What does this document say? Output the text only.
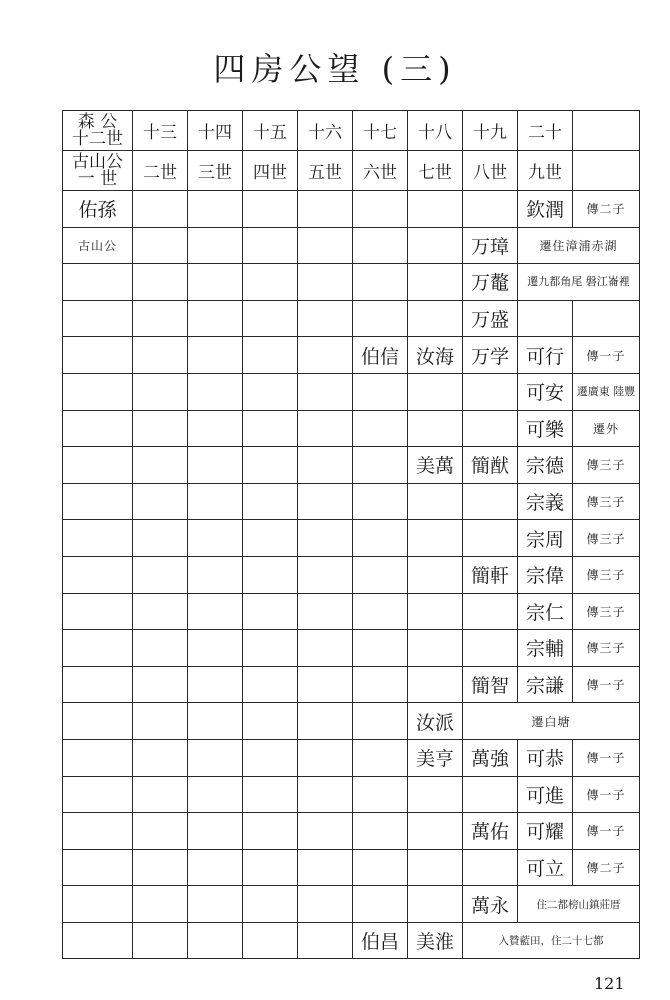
四房公望 (三)
森 公
十二世	十三	十四	十五	十六	十七	十八	十九	二十	

古山公
一 世	二世	三世	四世	五世	六世	七世	八世	九世	
佑孫								欽潤	傳二子
古山公							万璋	遷住漳浦赤湖	
							万鼇	遷九都角尾 磐江崙裡	
							万盛		
					伯信	汝海	万学	可行	傳一子
								可安	遷廣東 陸豐
								可樂	遷外
						美萬	簡猷	宗德	傳三子
								宗義	傳三子
								宗周	傳三子
							簡軒	宗偉	傳三子
								宗仁	傳三子
								宗輔	傳三子
							簡智	宗謙	傳一子
						汝派	遷白塘		
						美亨	萬強	可恭	傳一子
								可進	傳一子
							萬佑	可耀	傳一子
								可立	傳二子
							萬永	住二都榜山鎮莊厝	
					伯昌	美淮	入贊藍田，住二十七都		
121
